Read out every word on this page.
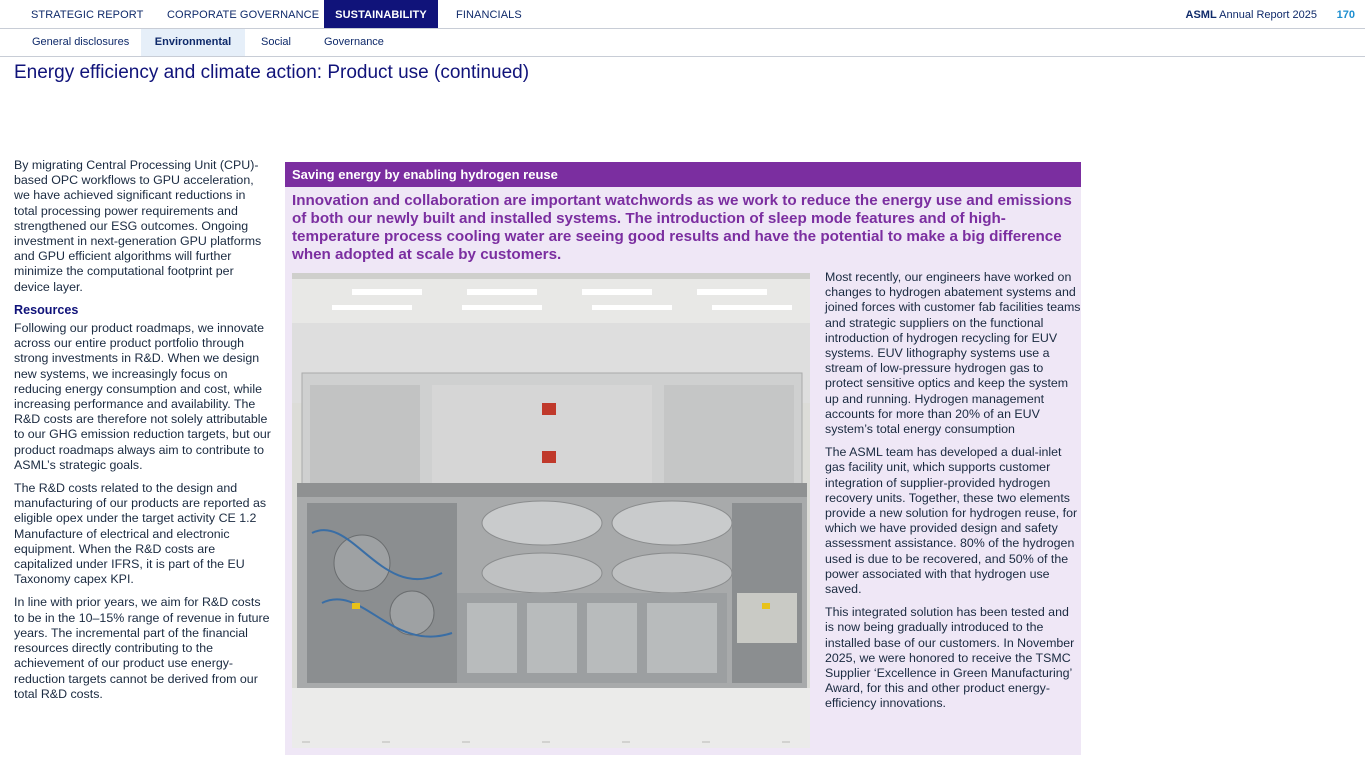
STRATEGIC REPORT CORPORATE GOVERNANCE	SUSTAINABILITY	FINANCIALS	ASML Annual Report 2025 170
General disclosures	Environmental	Social	Governance
Energy efficiency and climate action: Product use (continued)

By migrating Central Processing Unit (CPU)-based OPC workflows to GPU acceleration, we have achieved significant reductions in total processing power requirements and strengthened our ESG outcomes. Ongoing investment in next-generation GPU platforms and GPU efficient algorithms will further minimize the computational footprint per device layer.

Resources

Following our product roadmaps, we innovate across our entire product portfolio through strong investments in R&D. When we design new systems, we increasingly focus on reducing energy consumption and cost, while increasing performance and availability. The R&D costs are therefore not solely attributable to our GHG emission reduction targets, but our product roadmaps always aim to contribute to ASML’s strategic goals.

The R&D costs related to the design and manufacturing of our products are reported as eligible opex under the target activity CE 1.2 Manufacture of electrical and electronic equipment. When the R&D costs are capitalized under IFRS, it is part of the EU Taxonomy capex KPI.

In line with prior years, we aim for R&D costs to be in the 10–15% range of revenue in future years. The incremental part of the financial resources directly contributing to the achievement of our product use energy-reduction targets cannot be derived from our total R&D costs.

Saving energy by enabling hydrogen reuse

Innovation and collaboration are important watchwords as we work to reduce the energy use and emissions of both our newly built and installed systems. The introduction of sleep mode features and of high-temperature process cooling water are seeing good results and have the potential to make a big difference when adopted at scale by customers.

Most recently, our engineers have worked on changes to hydrogen abatement systems and joined forces with customer fab facilities teams and strategic suppliers on the functional introduction of hydrogen recycling for EUV systems. EUV lithography systems use a stream of low-pressure hydrogen gas to protect sensitive optics and keep the system up and running. Hydrogen management accounts for more than 20% of an EUV system’s total energy consumption

The ASML team has developed a dual-inlet gas facility unit, which supports customer integration of supplier-provided hydrogen recovery units. Together, these two elements provide a new solution for hydrogen reuse, for which we have provided design and safety assessment assistance. 80% of the hydrogen used is due to be recovered, and 50% of the power associated with that hydrogen use saved.

This integrated solution has been tested and is now being gradually introduced to the installed base of our customers. In November 2025, we were honored to receive the TSMC Supplier ‘Excellence in Green Manufacturing’ Award, for this and other product energy-efficiency innovations.
